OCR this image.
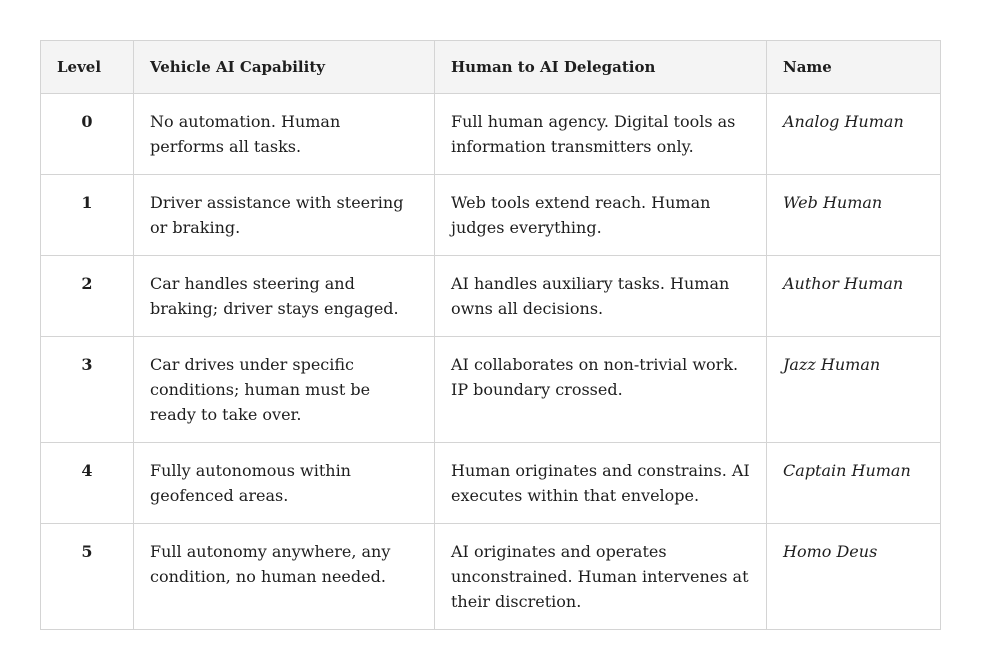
Level	Vehicle AI Capability	Human to AI Delegation	Name
0	No automation. Human performs all tasks.	Full human agency. Digital tools as information transmitters only.	Analog Human
1	Driver assistance with steering or braking.	Web tools extend reach. Human judges everything.	Web Human
2	Car handles steering and braking; driver stays engaged.	AI handles auxiliary tasks. Human owns all decisions.	Author Human
3	Car drives under specific conditions; human must be ready to take over.	AI collaborates on non-trivial work. IP boundary crossed.	Jazz Human
4	Fully autonomous within geofenced areas.	Human originates and constrains. AI executes within that envelope.	Captain Human
5	Full autonomy anywhere, any condition, no human needed.	AI originates and operates unconstrained. Human intervenes at their discretion.	Homo Deus
